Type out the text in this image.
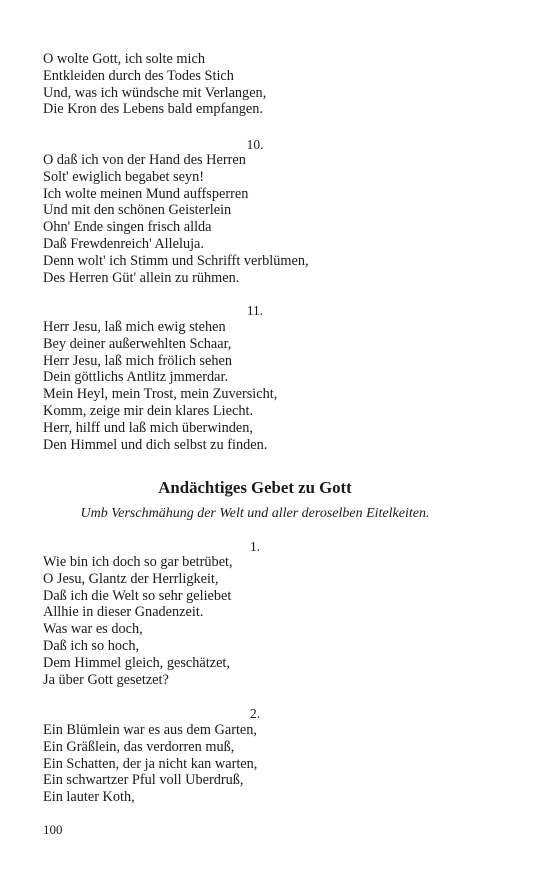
O wolte Gott, ich solte mich
Entkleiden durch des Todes Stich
Und, was ich wündsche mit Verlangen,
Die Kron des Lebens bald empfangen.
10.
O daß ich von der Hand des Herren
Solt' ewiglich begabet seyn!
Ich wolte meinen Mund auffsperren
Und mit den schönen Geisterlein
Ohn' Ende singen frisch allda
Daß Frewdenreich' Alleluja.
Denn wolt' ich Stimm und Schrifft verblümen,
Des Herren Güt' allein zu rühmen.
11.
Herr Jesu, laß mich ewig stehen
Bey deiner außerwehlten Schaar,
Herr Jesu, laß mich frölich sehen
Dein göttlichs Antlitz jmmerdar.
Mein Heyl, mein Trost, mein Zuversicht,
Komm, zeige mir dein klares Liecht.
Herr, hilff und laß mich überwinden,
Den Himmel und dich selbst zu finden.
Andächtiges Gebet zu Gott
Umb Verschmähung der Welt und aller deroselben Eitelkeiten.
1.
Wie bin ich doch so gar betrübet,
O Jesu, Glantz der Herrligkeit,
Daß ich die Welt so sehr geliebet
Allhie in dieser Gnadenzeit.
Was war es doch,
Daß ich so hoch,
Dem Himmel gleich, geschätzet,
Ja über Gott gesetzet?
2.
Ein Blümlein war es aus dem Garten,
Ein Gräßlein, das verdorren muß,
Ein Schatten, der ja nicht kan warten,
Ein schwartzer Pful voll Uberdruß,
Ein lauter Koth,
100
